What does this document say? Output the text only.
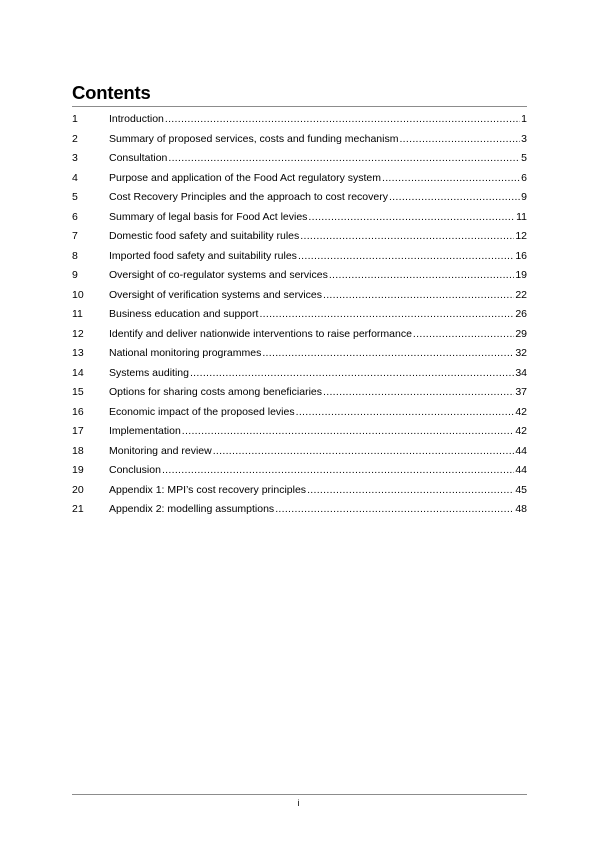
Contents
1	Introduction .....	1
2	Summary of proposed services, costs and funding mechanism .....	3
3	Consultation .....	5
4	Purpose and application of the Food Act regulatory system .....	6
5	Cost Recovery Principles and the approach to cost recovery .....	9
6	Summary of legal basis for Food Act levies .....	11
7	Domestic food safety and suitability rules .....	12
8	Imported food safety and suitability rules .....	16
9	Oversight of co-regulator systems and services .....	19
10	Oversight of verification systems and services .....	22
11	Business education and support .....	26
12	Identify and deliver nationwide interventions to raise performance .....	29
13	National monitoring programmes .....	32
14	Systems auditing .....	34
15	Options for sharing costs among beneficiaries .....	37
16	Economic impact of the proposed levies .....	42
17	Implementation .....	42
18	Monitoring and review .....	44
19	Conclusion .....	44
20	Appendix 1: MPI’s cost recovery principles .....	45
21	Appendix 2: modelling assumptions .....	48
i
